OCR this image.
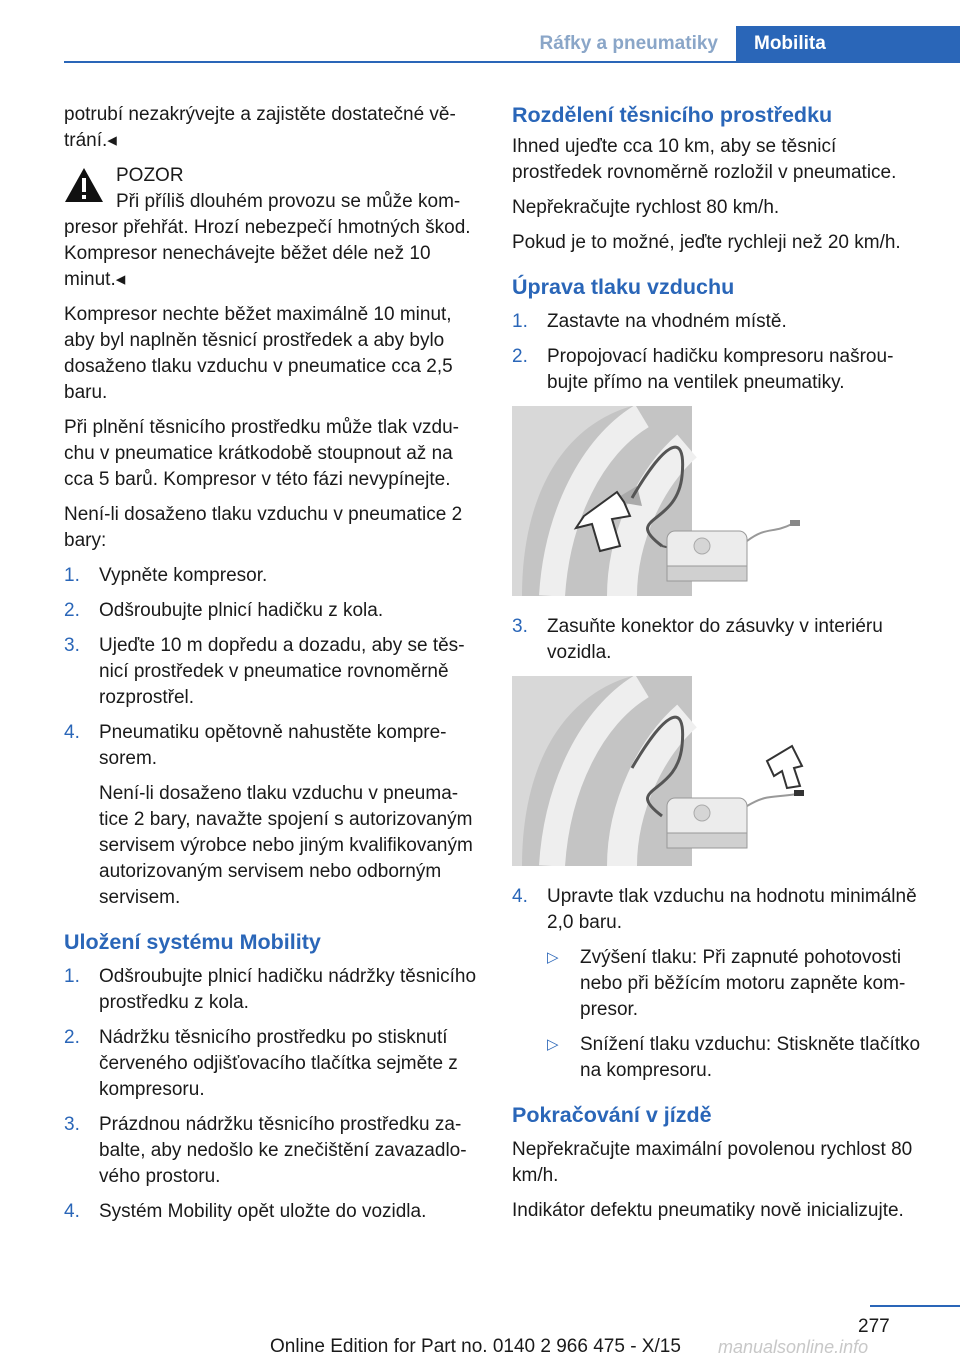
Ráfky a pneumatiky	Mobilita

potrubí nezakrývejte a zajistěte dostatečné větrání.◂

POZOR
Při příliš dlouhém provozu se může kompresor přehřát. Hrozí nebezpečí hmotných škod. Kompresor nenechávejte běžet déle než 10 minut.◂

Kompresor nechte běžet maximálně 10 minut, aby byl naplněn těsnicí prostředek a aby bylo dosaženo tlaku vzduchu v pneumatice cca 2,5 baru.

Při plnění těsnicího prostředku může tlak vzduchu v pneumatice krátkodobě stoupnout až na cca 5 barů. Kompresor v této fázi nevypínejte.

Není-li dosaženo tlaku vzduchu v pneumatice 2 bary:

1. Vypněte kompresor.
2. Odšroubujte plnicí hadičku z kola.
3. Ujeďte 10 m dopředu a dozadu, aby se těsnicí prostředek v pneumatice rovnoměrně rozprostřel.
4. Pneumatiku opětovně nahustěte kompresorem.
Není-li dosaženo tlaku vzduchu v pneumatice 2 bary, navažte spojení s autorizovaným servisem výrobce nebo jiným kvalifikovaným autorizovaným servisem nebo odborným servisem.
Uložení systému Mobility
1. Odšroubujte plnicí hadičku nádržky těsnicího prostředku z kola.
2. Nádržku těsnicího prostředku po stisknutí červeného odjišťovacího tlačítka sejměte z kompresoru.
3. Prázdnou nádržku těsnicího prostředku zabalte, aby nedošlo ke znečištění zavazadlového prostoru.
4. Systém Mobility opět uložte do vozidla.
Rozdělení těsnicího prostředku

Ihned ujeďte cca 10 km, aby se těsnicí prostředek rovnoměrně rozložil v pneumatice.

Nepřekračujte rychlost 80 km/h.

Pokud je to možné, jeďte rychleji než 20 km/h.

Úprava tlaku vzduchu
1. Zastavte na vhodném místě.
2. Propojovací hadičku kompresoru našroubujte přímo na ventilek pneumatiky.
3. Zasuňte konektor do zásuvky v interiéru vozidla.
4. Upravte tlak vzduchu na hodnotu minimálně 2,0 baru.
▷ Zvýšení tlaku: Při zapnuté pohotovosti nebo při běžícím motoru zapněte kompresor.
▷ Snížení tlaku vzduchu: Stiskněte tlačítko na kompresoru.
Pokračování v jízdě

Nepřekračujte maximální povolenou rychlost 80 km/h.

Indikátor defektu pneumatiky nově inicializujte.

277
Online Edition for Part no. 0140 2 966 475 - X/15 manualsonline.info
